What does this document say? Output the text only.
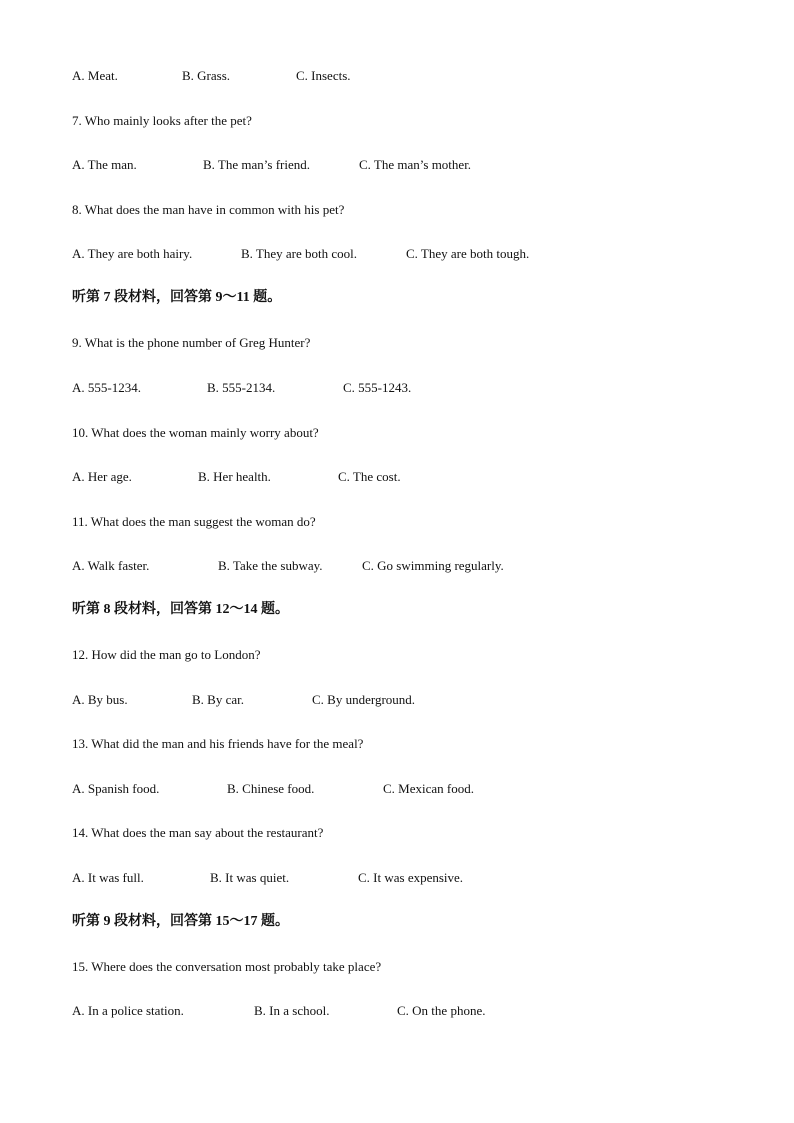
A. Meat.	B. Grass.	C. Insects.
7. Who mainly looks after the pet?
A. The man.	B. The man’s friend.	C. The man’s mother.
8. What does the man have in common with his pet?
A. They are both hairy.	B. They are both cool.	C. They are both tough.
听第 7 段材料，回答第 9～11 题。
9. What is the phone number of Greg Hunter?
A. 555-1234.	B. 555-2134.	C. 555-1243.
10. What does the woman mainly worry about?
A. Her age.	B. Her health.	C. The cost.
11. What does the man suggest the woman do?
A. Walk faster.	B. Take the subway.	C. Go swimming regularly.
听第 8 段材料，回答第 12～14 题。
12. How did the man go to London?
A. By bus.	B. By car.	C. By underground.
13. What did the man and his friends have for the meal?
A. Spanish food.	B. Chinese food.	C. Mexican food.
14. What does the man say about the restaurant?
A. It was full.	B. It was quiet.	C. It was expensive.
听第 9 段材料，回答第 15～17 题。
15. Where does the conversation most probably take place?
A. In a police station.	B. In a school.	C. On the phone.
